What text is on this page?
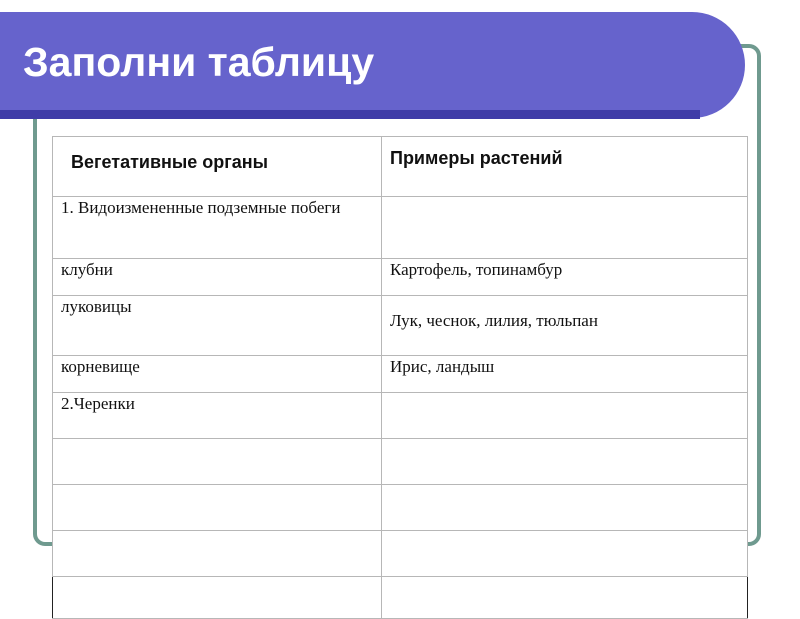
Заполни таблицу
Вегетативные органы	Примеры растений
1. Видоизмененные подземные побеги	
клубни	Картофель, топинамбур
луковицы	Лук, чеснок, лилия, тюльпан
корневище	Ирис, ландыш
2.Черенки	
